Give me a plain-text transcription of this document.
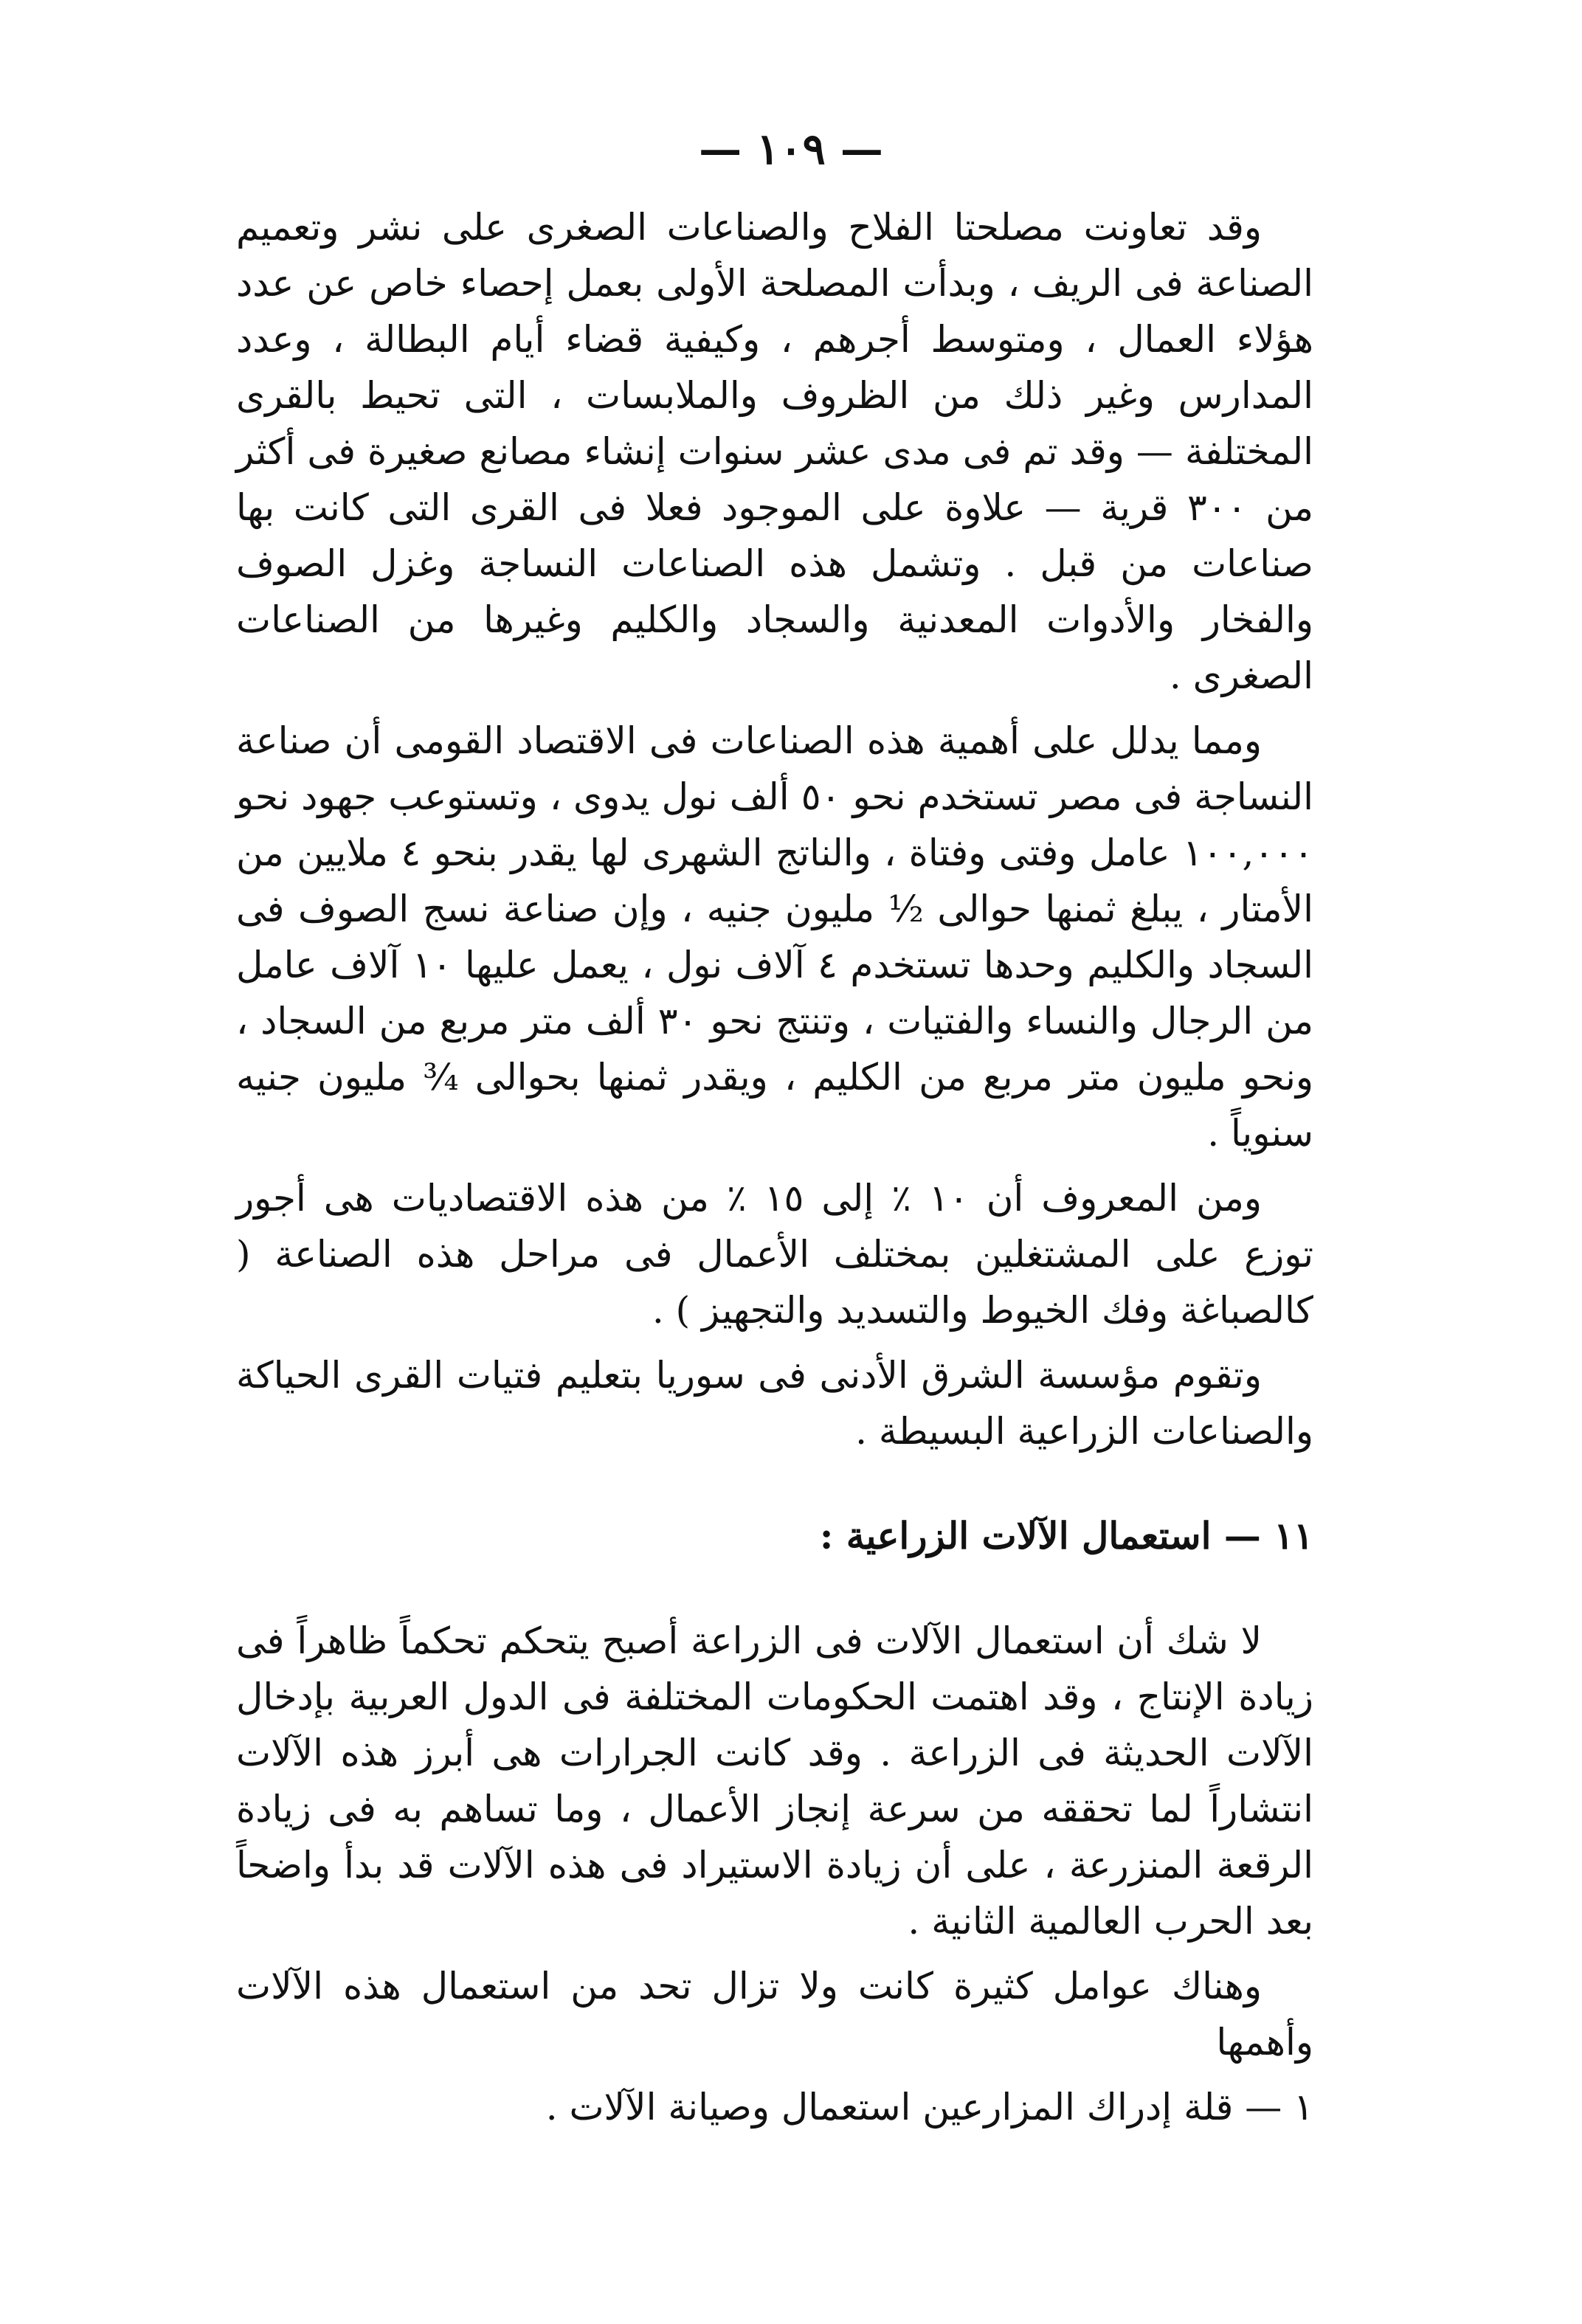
— ١٠٩ —

وقد تعاونت مصلحتا الفلاح والصناعات الصغرى على نشر وتعميم الصناعة فى الريف ، وبدأت المصلحة الأولى بعمل إحصاء خاص عن عدد هؤلاء العمال ، ومتوسط أجرهم ، وكيفية قضاء أيام البطالة ، وعدد المدارس وغير ذلك من الظروف والملابسات ، التى تحيط بالقرى المختلفة — وقد تم فى مدى عشر سنوات إنشاء مصانع صغيرة فى أكثر من ٣٠٠ قرية — علاوة على الموجود فعلا فى القرى التى كانت بها صناعات من قبل . وتشمل هذه الصناعات النساجة وغزل الصوف والفخار والأدوات المعدنية والسجاد والكليم وغيرها من الصناعات الصغرى .

ومما يدلل على أهمية هذه الصناعات فى الاقتصاد القومى أن صناعة النساجة فى مصر تستخدم نحو ٥٠ ألف نول يدوى ، وتستوعب جهود نحو ١٠٠,٠٠٠ عامل وفتى وفتاة ، والناتج الشهرى لها يقدر بنحو ٤ ملايين من الأمتار ، يبلغ ثمنها حوالى ½ مليون جنيه ، وإن صناعة نسج الصوف فى السجاد والكليم وحدها تستخدم ٤ آلاف نول ، يعمل عليها ١٠ آلاف عامل من الرجال والنساء والفتيات ، وتنتج نحو ٣٠ ألف متر مربع من السجاد ، ونحو مليون متر مربع من الكليم ، ويقدر ثمنها بحوالى ¾ مليون جنيه سنوياً .

ومن المعروف أن ١٠ ٪ إلى ١٥ ٪ من هذه الاقتصاديات هى أجور توزع على المشتغلين بمختلف الأعمال فى مراحل هذه الصناعة ( كالصباغة وفك الخيوط والتسديد والتجهيز ) .

وتقوم مؤسسة الشرق الأدنى فى سوريا بتعليم فتيات القرى الحياكة والصناعات الزراعية البسيطة .

١١ — استعمال الآلات الزراعية :

لا شك أن استعمال الآلات فى الزراعة أصبح يتحكم تحكماً ظاهراً فى زيادة الإنتاج ، وقد اهتمت الحكومات المختلفة فى الدول العربية بإدخال الآلات الحديثة فى الزراعة . وقد كانت الجرارات هى أبرز هذه الآلات انتشاراً لما تحققه من سرعة إنجاز الأعمال ، وما تساهم به فى زيادة الرقعة المنزرعة ، على أن زيادة الاستيراد فى هذه الآلات قد بدأ واضحاً بعد الحرب العالمية الثانية .

وهناك عوامل كثيرة كانت ولا تزال تحد من استعمال هذه الآلات وأهمها

١ — قلة إدراك المزارعين استعمال وصيانة الآلات .
